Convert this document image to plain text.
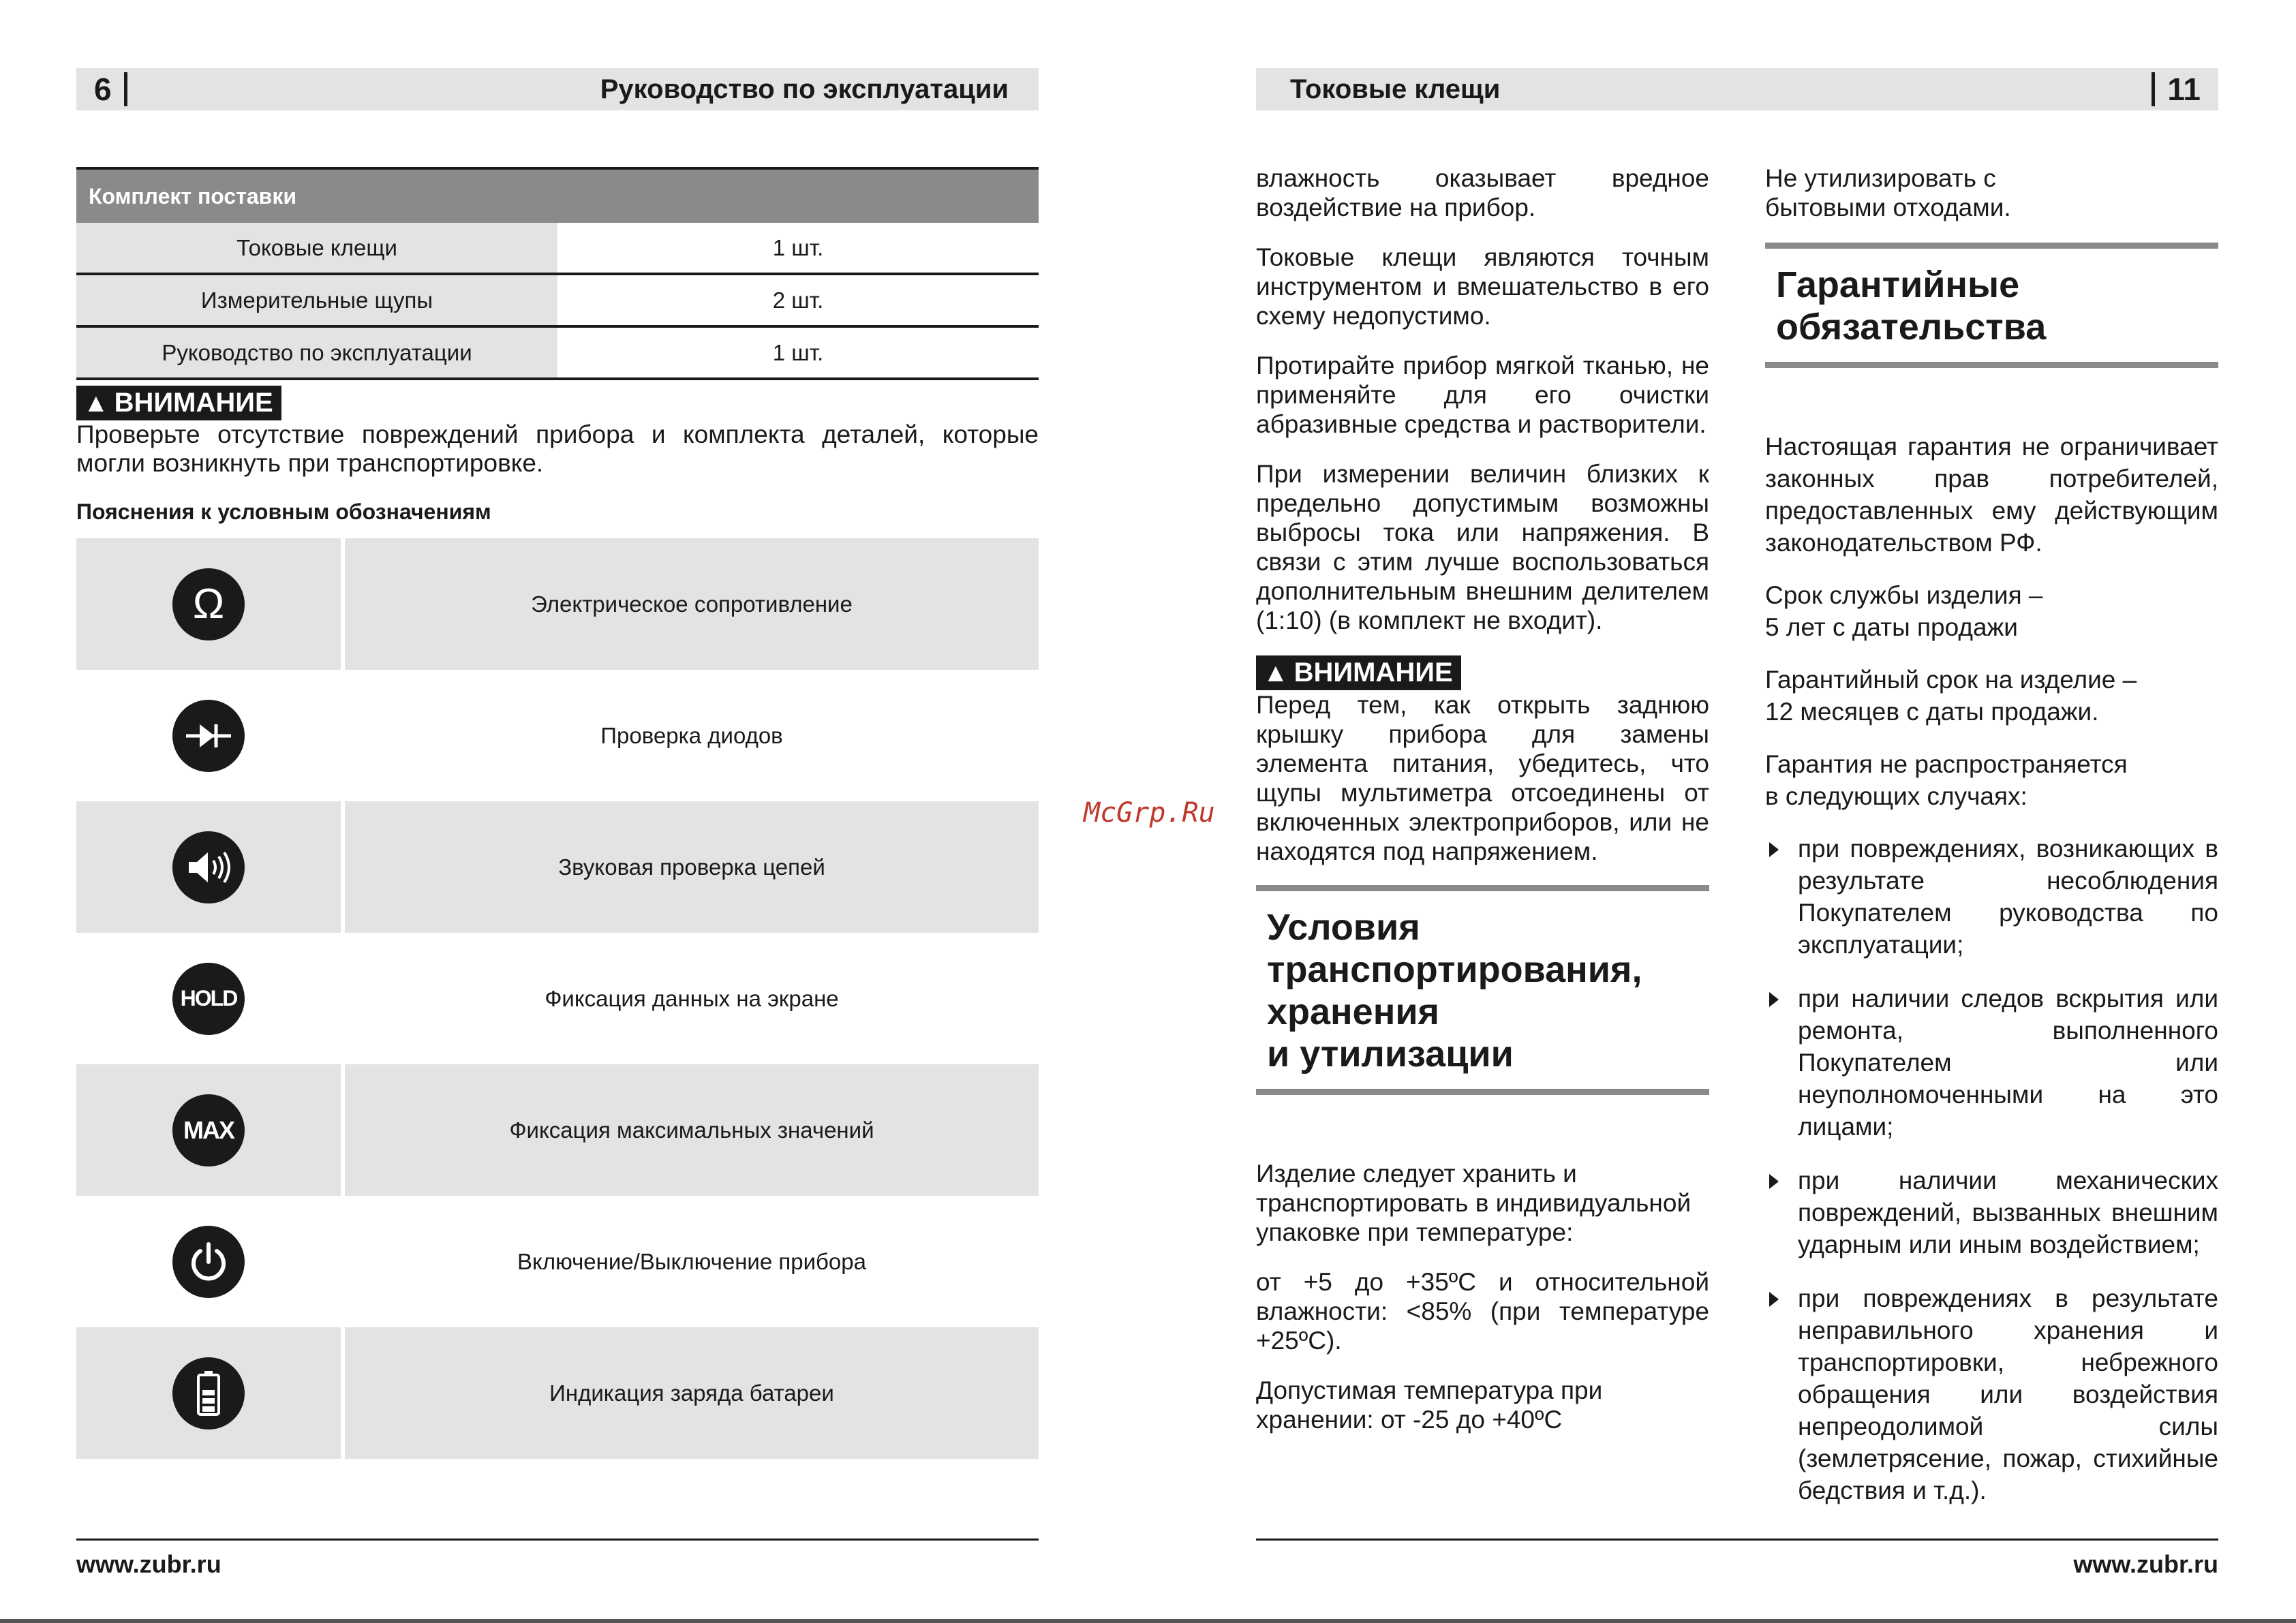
6	Руководство по эксплуатации
Комплект поставки	
Токовые клещи	1 шт.
Измерительные щупы	2 шт.
Руководство по эксплуатации	1 шт.
▲ ВНИМАНИЕ
Проверьте отсутствие повреждений прибора и комплекта деталей, которые могли возникнуть при транспортировке.
Пояснения к условным обозначениям
Ω	Электрическое сопротивление
Проверка диодов
Звуковая проверка цепей
HOLD	Фиксация данных на экране
MAX	Фиксация максимальных значений
Включение/Выключение прибора
Индикация заряда батареи
www.zubr.ru
McGrp.Ru
Токовые клещи	11

влажность оказывает вредное воздействие на прибор.

Токовые клещи являются точным инструментом и вмешательство в его схему недопустимо.

Протирайте прибор мягкой тканью, не применяйте для его очистки абразивные средства и растворители.

При измерении величин близких к предельно допустимым возможны выбросы тока или напряжения. В связи с этим лучше воспользоваться дополнительным внешним делителем (1:10) (в комплект не входит).

▲ ВНИМАНИЕ
Перед тем, как открыть заднюю крышку прибора для замены элемента питания, убедитесь, что щупы мультиметра отсоединены от включенных электроприборов, или не находятся под напряжением.
Условия
транспортирования,
хранения
и утилизации

Изделие следует хранить и транспортировать в индивидуальной упаковке при температуре:

от +5 до +35ºС и относительной влажности: <85% (при температуре +25ºС).

Допустимая температура при хранении: от -25 до +40ºС

Не утилизировать с бытовыми отходами.

Гарантийные
обязательства

Настоящая гарантия не ограничивает законных прав потребителей, предоставленных ему действующим законодательством РФ.

Срок службы изделия –
5 лет с даты продажи

Гарантийный срок на изделие –
12 месяцев с даты продажи.

Гарантия не распространяется
в следующих случаях:

при повреждениях, возникающих в результате несоблюдения Покупателем руководства по эксплуатации;
при наличии следов вскрытия или ремонта, выполненного Покупателем или неуполномоченными на это лицами;
при наличии механических повреждений, вызванных внешним ударным или иным воздействием;
при повреждениях в результате неправильного хранения и транспортировки, небрежного обращения или воздействия непреодолимой силы (землетрясение, пожар, стихийные бедствия и т.д.).
www.zubr.ru
